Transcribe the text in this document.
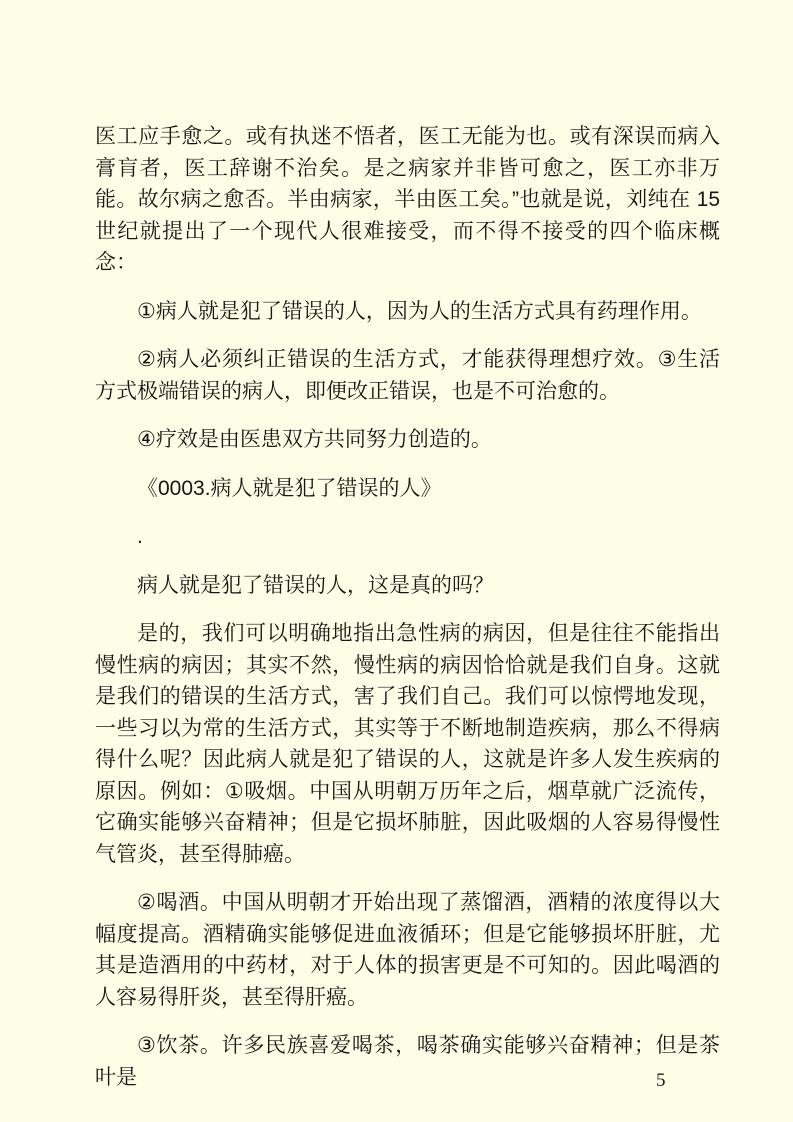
医工应手愈之。或有执迷不悟者，医工无能为也。或有深误而病入膏肓者，医工辞谢不治矣。是之病家并非皆可愈之，医工亦非万能。故尔病之愈否。半由病家，半由医工矣。”也就是说，刘纯在 15 世纪就提出了一个现代人很难接受，而不得不接受的四个临床概念：

①病人就是犯了错误的人，因为人的生活方式具有药理作用。

②病人必须纠正错误的生活方式，才能获得理想疗效。③生活方式极端错误的病人，即便改正错误，也是不可治愈的。

④疗效是由医患双方共同努力创造的。

《0003.病人就是犯了错误的人》

.

病人就是犯了错误的人，这是真的吗？

是的，我们可以明确地指出急性病的病因，但是往往不能指出慢性病的病因；其实不然，慢性病的病因恰恰就是我们自身。这就是我们的错误的生活方式，害了我们自己。我们可以惊愕地发现，一些习以为常的生活方式，其实等于不断地制造疾病，那么不得病得什么呢？因此病人就是犯了错误的人，这就是许多人发生疾病的原因。例如：①吸烟。中国从明朝万历年之后，烟草就广泛流传，它确实能够兴奋精神；但是它损坏肺脏，因此吸烟的人容易得慢性气管炎，甚至得肺癌。

②喝酒。中国从明朝才开始出现了蒸馏酒，酒精的浓度得以大幅度提高。酒精确实能够促进血液循环；但是它能够损坏肝脏，尤其是造酒用的中药材，对于人体的损害更是不可知的。因此喝酒的人容易得肝炎，甚至得肝癌。

③饮茶。许多民族喜爱喝茶，喝茶确实能够兴奋精神；但是茶叶是	5
